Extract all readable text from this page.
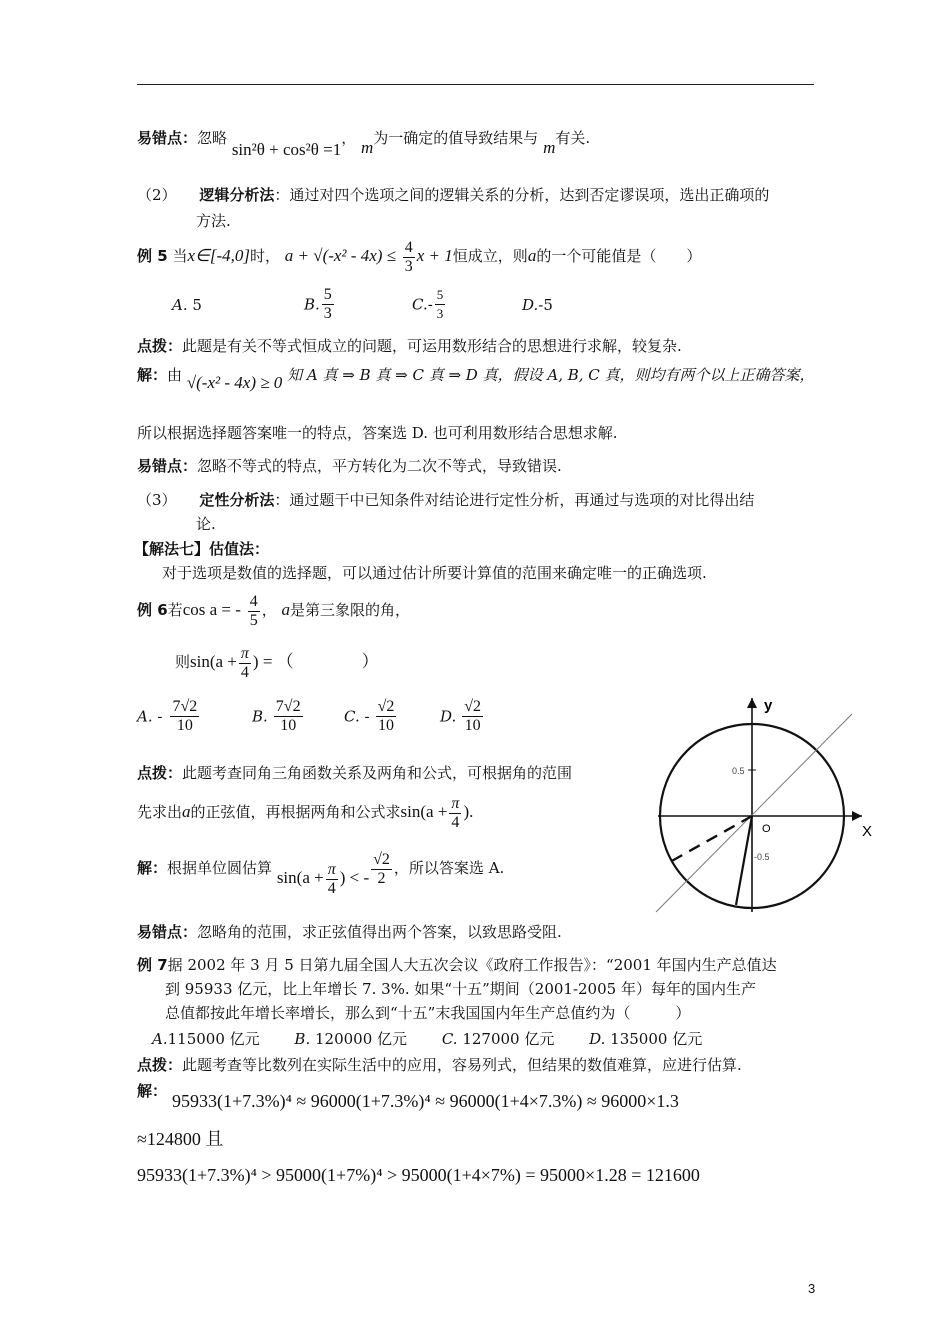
易错点：忽略 sin²θ + cos²θ =1， m为一确定的值导致结果与 m有关.
（2） 逻辑分析法：通过对四个选项之间的逻辑关系的分析，达到否定谬误项，选出正确项的
方法.
例 5 当x∈[-4,0]时， $a + √(-x^2 - 4x) \le \frac{4}{3}$ x + 1恒成立，则a的一个可能值是（　　）
A. 5	B. $\frac{5}{3}$	$C.- \frac{5}{3}$	D.-5
点拨：此题是有关不等式恒成立的问题，可运用数形结合的思想进行求解，较复杂.
解：由 √(-x² - 4x) ≥ 0 知 A 真 ⇒ B 真 ⇒ C 真 ⇒ D 真，假设 A, B, C 真，则均有两个以上正确答案，
所以根据选择题答案唯一的特点，答案选 D. 也可利用数形结合思想求解.
易错点：忽略不等式的特点，平方转化为二次不等式，导致错误.
（3） 定性分析法：通过题干中已知条件对结论进行定性分析，再通过与选项的对比得出结
论.
【解法七】估值法：
对于选项是数值的选择题，可以通过估计所要计算值的范围来确定唯一的正确选项.
例 6若cos a = - $\frac{4}{5}$ ， a是第三象限的角，
则$\sin(a + \frac{\pi}{4}$ ) = （　　　　）
A. - $\frac{7√2}{10}$	B. $\frac{7√2}{10}$	C. - $\frac{√2}{10}$	D. $\frac{√2}{10}$
点拨：此题考查同角三角函数关系及两角和公式，可根据角的范围
先求出a的正弦值，再根据两角和公式求$\sin(a + \frac{\pi}{4}$ ).
解：根据单位圆估算 $\sin(a + \frac{\pi}{4}$ ) < - $\frac{√2}{2}$ ，所以答案选 A.
易错点：忽略角的范围，求正弦值得出两个答案，以致思路受阻.
y
X
O
0.5
-0.5
例 7据 2002 年 3 月 5 日第九届全国人大五次会议《政府工作报告》：“2001 年国内生产总值达
到 95933 亿元，比上年增长 7. 3%. 如果“十五”期间（2001-2005 年）每年的国内生产
总值都按此年增长率增长，那么到“十五”末我国国内年生产总值约为（　　　）
A.115000 亿元 B. 120000 亿元 C. 127000 亿元 D. 135000 亿元
点拨：此题考查等比数列在实际生活中的应用，容易列式，但结果的数值难算，应进行估算.
解： 95933(1+7.3%)⁴ ≈ 96000(1+7.3%)⁴ ≈ 96000(1+4×7.3%) ≈ 96000×1.3
≈124800 且
95933(1+7.3%)⁴ > 95000(1+7%)⁴ > 95000(1+4×7%) = 95000×1.28 = 121600
3
